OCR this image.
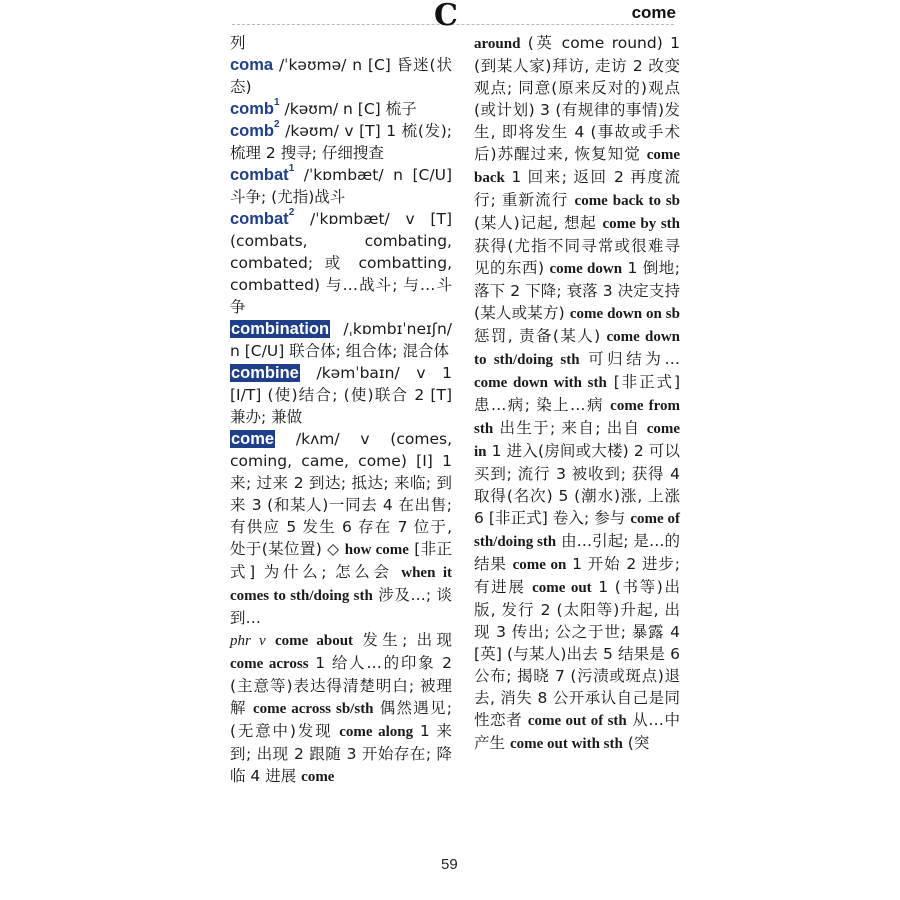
C	come

列

coma /ˈkəʊmə/ n [C] 昏迷(状态)

comb$^1$ /kəʊm/ n [C] 梳子

comb$^2$ /kəʊm/ v [T] 1 梳(发); 梳理 2 搜寻; 仔细搜查

combat$^1$ /ˈkɒmbæt/ n [C/U] 斗争; (尤指)战斗

combat$^2$ /ˈkɒmbæt/ v [T] (combats, combating, combated; 或 combatting, combatted) 与…战斗; 与…斗争

combination /ˌkɒmbɪˈneɪʃn/ n [C/U] 联合体; 组合体; 混合体

combine /kəmˈbaɪn/ v 1 [I/T] (使)结合; (使)联合 2 [T] 兼办; 兼做

come /kʌm/ v (comes, coming, came, come) [I] 1 来; 过来 2 到达; 抵达; 来临; 到来 3 (和某人)一同去 4 在出售; 有供应 5 发生 6 存在 7 位于, 处于(某位置) ◇ how come [非正式] 为什么; 怎么会 when it comes to sth/doing sth 涉及…; 谈到…

phr v come about 发生; 出现 come across 1 给人…的印象 2 (主意等)表达得清楚明白; 被理解 come across sb/sth 偶然遇见; (无意中)发现 come along 1 来到; 出现 2 跟随 3 开始存在; 降临 4 进展 come

around (英 come round) 1 (到某人家)拜访, 走访 2 改变观点; 同意(原来反对的)观点(或计划) 3 (有规律的事情)发生, 即将发生 4 (事故或手术后)苏醒过来, 恢复知觉 come back 1 回来; 返回 2 再度流行; 重新流行 come back to sb (某人)记起, 想起 come by sth 获得(尤指不同寻常或很难寻见的东西) come down 1 倒地; 落下 2 下降; 衰落 3 决定支持(某人或某方) come down on sb 惩罚, 责备(某人) come down to sth/doing sth 可归结为… come down with sth [非正式] 患…病; 染上…病 come from sth 出生于; 来自; 出自 come in 1 进入(房间或大楼) 2 可以买到; 流行 3 被收到; 获得 4 取得(名次) 5 (潮水)涨, 上涨 6 [非正式] 卷入; 参与 come of sth/doing sth 由…引起; 是…的结果 come on 1 开始 2 进步; 有进展 come out 1 (书等)出版, 发行 2 (太阳等)升起, 出现 3 传出; 公之于世; 暴露 4 [英] (与某人)出去 5 结果是 6 公布; 揭晓 7 (污渍或斑点)退去, 消失 8 公开承认自己是同性恋者 come out of sth 从…中产生 come out with sth (突

59
